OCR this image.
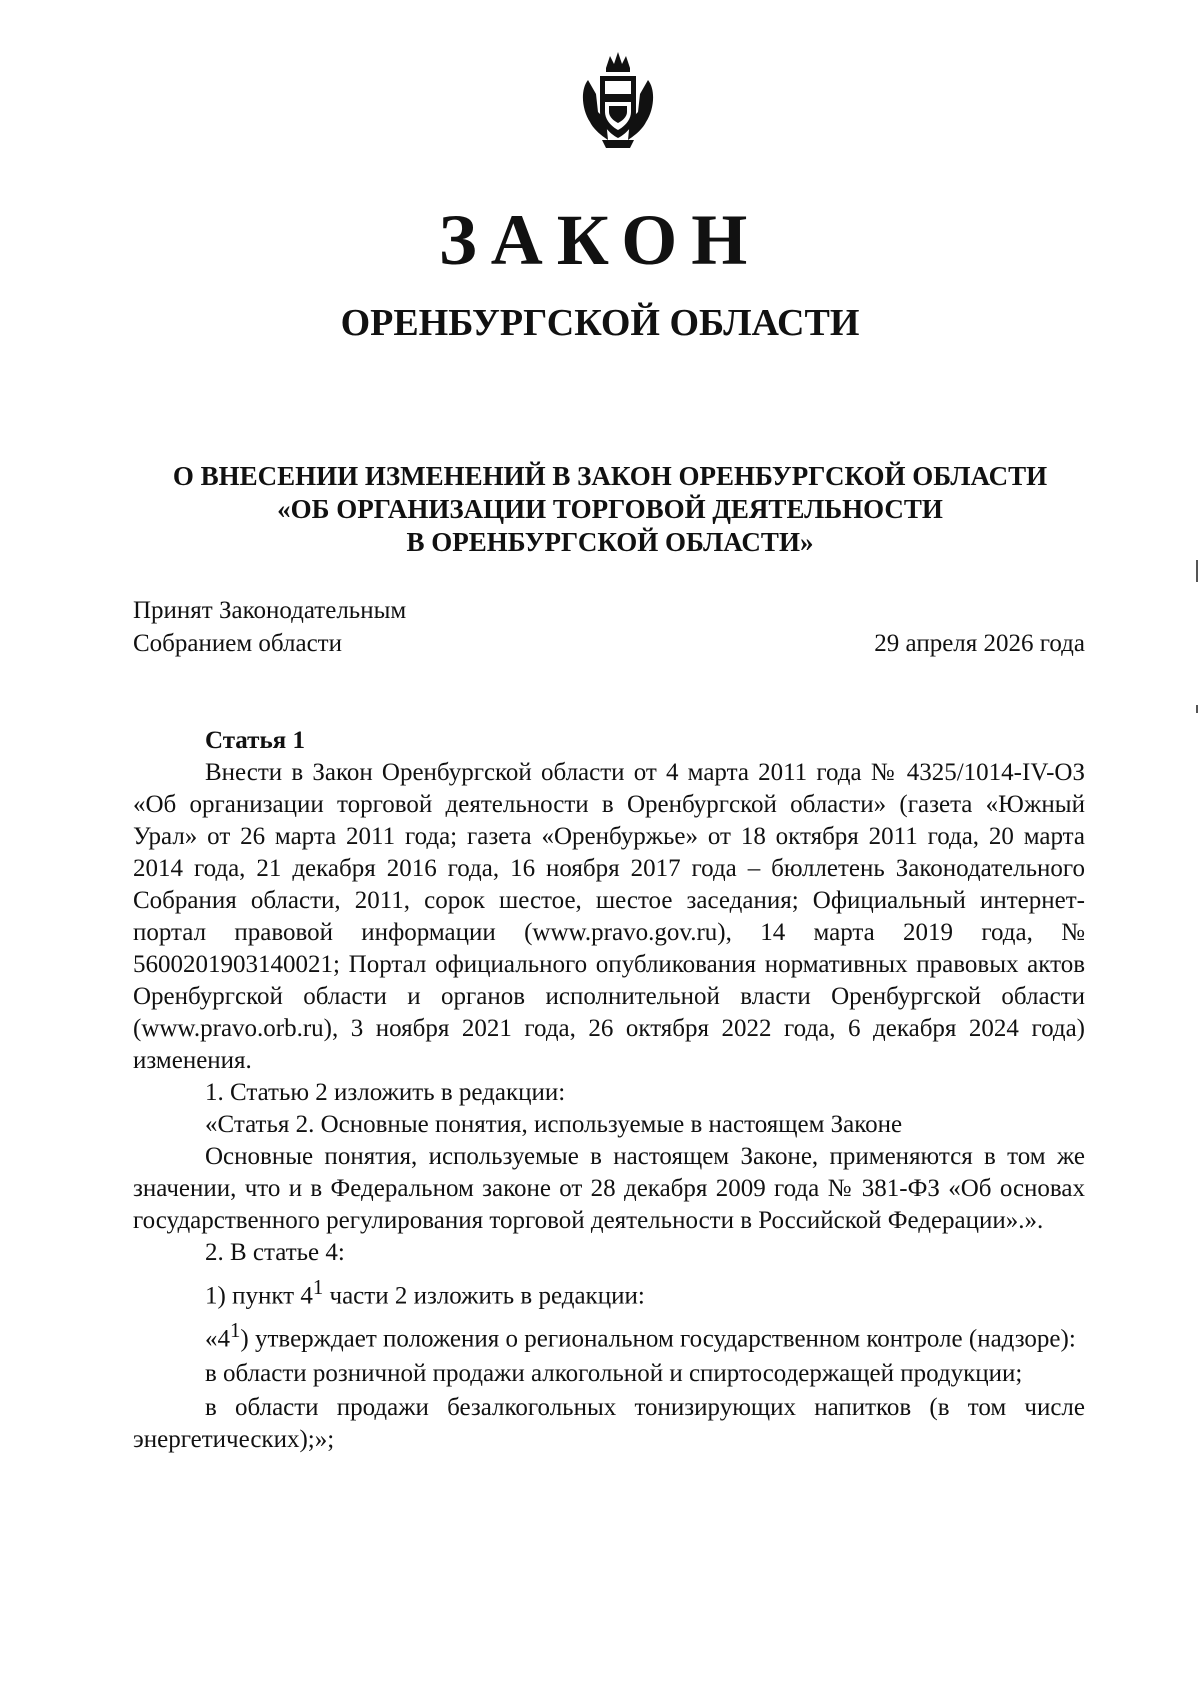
ЗАКОН
ОРЕНБУРГСКОЙ ОБЛАСТИ
О ВНЕСЕНИИ ИЗМЕНЕНИЙ В ЗАКОН ОРЕНБУРГСКОЙ ОБЛАСТИ
«ОБ ОРГАНИЗАЦИИ ТОРГОВОЙ ДЕЯТЕЛЬНОСТИ
В ОРЕНБУРГСКОЙ ОБЛАСТИ»
Принят Законодательным
Собранием области	29 апреля 2026 года
Статья 1

Внести в Закон Оренбургской области от 4 марта 2011 года № 4325/1014-IV-ОЗ «Об организации торговой деятельности в Оренбургской области» (газета «Южный Урал» от 26 марта 2011 года; газета «Оренбуржье» от 18 октября 2011 года, 20 марта 2014 года, 21 декабря 2016 года, 16 ноября 2017 года – бюллетень Законодательного Собрания области, 2011, сорок шестое, шестое заседания; Официальный интернет-портал правовой информации (www.pravo.gov.ru), 14 марта 2019 года, № 5600201903140021; Портал официального опубликования нормативных правовых актов Оренбургской области и органов исполнительной власти Оренбургской области (www.pravo.orb.ru), 3 ноября 2021 года, 26 октября 2022 года, 6 декабря 2024 года) изменения.

1. Статью 2 изложить в редакции:

«Статья 2. Основные понятия, используемые в настоящем Законе

Основные понятия, используемые в настоящем Законе, применяются в том же значении, что и в Федеральном законе от 28 декабря 2009 года № 381-ФЗ «Об основах государственного регулирования торговой деятельности в Российской Федерации».».

2. В статье 4:

1) пункт $4^1$ части 2 изложить в редакции:

«$4^1$) утверждает положения о региональном государственном контроле (надзоре):

в области розничной продажи алкогольной и спиртосодержащей продукции;

в области продажи безалкогольных тонизирующих напитков (в том числе энергетических);»;
